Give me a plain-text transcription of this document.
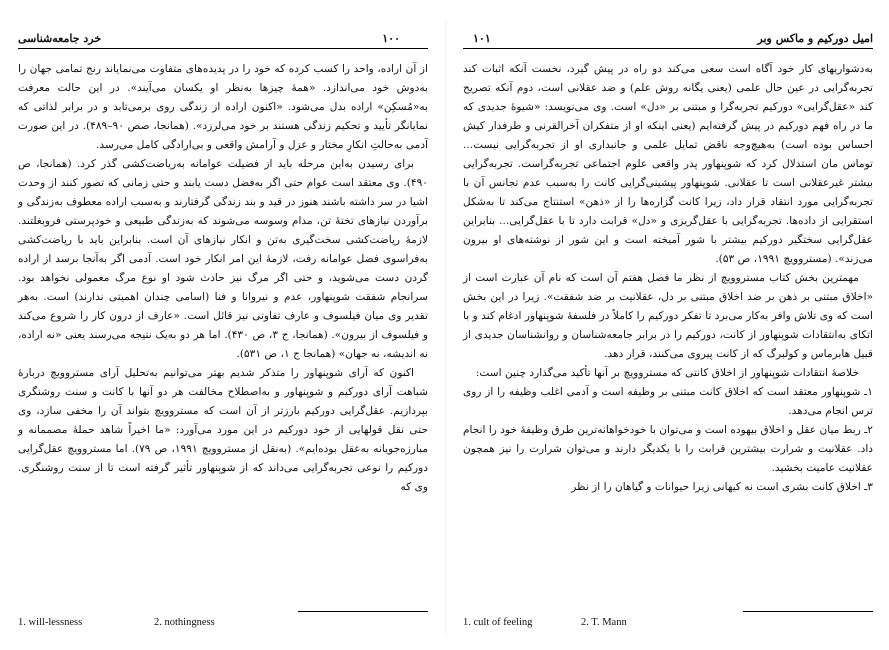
خرد جامعه‌شناسی	۱۰۰

از آن اراده، واحد را کسب کرده که خود را در پدیده‌های متفاوت می‌نمایاند رنج تمامی جهان را به‌دوش خود می‌اندازد. «همهٔ چیزها به‌نظر او یکسان می‌آیند». در این حالت معرفت به‌«مُسکِن» اراده بدل می‌شود. «اکنون اراده از زندگی روی برمی‌تابد و در برابر لذاتی که نمایانگر تأیید و تحکیم زندگی هستند بر خود می‌لرزد». (همانجا، صص ۹۰–۴۸۹). در این صورت آدمی به‌حالتِ انکارِ مختار و عزل و آرامش واقعی و بی‌ارادگی کامل می‌رسد.

برای رسیدن به‌این مرحله باید از فضیلت عوامانه به‌ریاضت‌کشی گذر کرد. (همانجا، ص ۴۹۰). وی معتقد است عوام حتی اگر به‌فضل دست یابند و حتی زمانی که تصور کنند از وحدت اشیا در سر داشته باشند هنوز در قید و بند زندگی گرفتارند و به‌سبب اراده معطوف به‌زندگی و برآوردن نیازهای تختهٔ تن، مدام وسوسه می‌شوند که به‌زندگی طبیعی و خودپرستی فروبغلتند. لازمهٔ ریاضت‌کشی سخت‌گیری به‌تن و انکار نیازهای آن است. بنابراین باید با ریاضت‌کشی به‌فراسوی فضل عوامانه رفت، لازمهٔ این امر انکار خود است. آدمی اگر به‌آنجا برسد از اراده گردن دست می‌شوید، و حتی اگر مرگ نیز حادث شود او نوع مرگ معمولی نخواهد بود. سرانجام شفقت شوپنهاور، عدم و نیروانا و فنا (اسامی چندان اهمیتی ندارند) است. به‌هر تقدیر وی میان فیلسوف و عارف تفاوتی نیز قائل است. «عارف از درون کار را شروع می‌کند و فیلسوف از بیرون». (همانجا، ج ۳، ص ۴۳۰). اما هر دو به‌یک نتیجه می‌رسند یعنی «نه اراده، نه اندیشه، نه جهان» (همانجا ج ۱، ص ۵۳۱).

اکنون که آرای شوپنهاور را متذکر شدیم بهتر می‌توانیم به‌تحلیل آرای مستروویچ دربارهٔ شباهت آرای دورکیم و شوپنهاور و به‌اصطلاح مخالفت هر دو آنها با کانت و سنت روشنگری بپردازیم. عقل‌گرایی دورکیم بارزتر از آن است که مستروویچ بتواند آن را مخفی سازد، وی حتی نقل قولهایی از خود دورکیم در این مورد می‌آورد: «ما اخیراً شاهد حملهٔ مصممانه و مبارزه‌جویانه به‌عقل بوده‌ایم». (به‌نقل از مستروویچ ۱۹۹۱، ص ۷۹). اما مستروویچ عقل‌گرایی دورکیم را نوعی تجربه‌گرایی می‌داند که از شوپنهاور تأثیر گرفته است تا از سنت روشنگری. وی که

1. will-lessness	2. nothingness
۱۰۱	امیل دورکیم و ماکس وبر

به‌دشواریهای کار خود آگاه است سعی می‌کند دو راه در پیش گیرد، نخست آنکه اثبات کند تجربه‌گرایی در عین حال علمی (یعنی یگانه روش علم) و ضد عقلانی است، دوم آنکه تصریح کند «عقل‌گرایی» دورکیم تجربه‌گرا و مبتنی بر «دل» است. وی می‌نویسد: «شیوهٔ جدیدی که ما در راه فهم دورکیم در پیش گرفته‌ایم (یعنی اینکه او از متفکران آخرالقرنی و طرفدار کیش احساس بوده است) به‌هیچ‌وجه ناقض تمایل علمی و جانبداری او از تجربه‌گرایی نیست... توماس مان استدلال کرد که شوپنهاور پدر واقعی علوم اجتماعی تجربه‌گراست. تجربه‌گرایی بیشتر غیرعقلانی است تا عقلانی. شوپنهاور پیشینی‌گرایی کانت را به‌سبب عدم تجانس آن با تجربه‌گرایی مورد انتقاد قرار داد، زیرا کانت گزاره‌ها را از «ذهن» استنتاج می‌کند تا به‌شکل استقرایی از داده‌ها. تجربه‌گرایی با عقل‌گریزی و «دل» قرابت دارد تا با عقل‌گرایی... بنابراین عقل‌گرایی سختگیر دورکیم بیشتر با شور آمیخته است و این شور از نوشته‌های او بیرون می‌زند». (مستروویچ ۱۹۹۱، ص ۵۳).

مهمترین بخش کتاب مستروویچ از نظر ما فصل هفتم آن است که نام آن عبارت است از «اخلاق مبتنی بر ذهن بر ضد اخلاق مبتنی بر دل، عقلانیت بر ضد شفقت». زیرا در این بخش است که وی تلاش وافر به‌کار می‌برد تا تفکر دورکیم را کاملاً در فلسفهٔ شوپنهاور ادغام کند و با اتکای به‌انتقادات شوپنهاور از کانت، دورکیم را در برابر جامعه‌شناسان و روانشناسان جدیدی از قبیل هابرماس و کولبرگ که از کانت پیروی می‌کنند، قرار دهد.

خلاصهٔ انتقادات شوپنهاور از اخلاق کانتی که مستروویچ بر آنها تأکید می‌گذارد چنین است:

۱ـ شوپنهاور معتقد است که اخلاق کانت مبتنی بر وظیفه است و آدمی اغلب وظیفه را از روی ترس انجام می‌دهد.

۲ـ ربط میان عقل و اخلاق بیهوده است و می‌توان با خودخواهانه‌ترین طرق وظیفهٔ خود را انجام داد. عقلانیت و شرارت بیشترین قرابت را با یکدیگر دارند و می‌توان شرارت را نیز همچون عقلانیت عامیت بخشید.

۳ـ اخلاق کانت بشری است نه کیهانی زیرا حیوانات و گیاهان را از نظر

1. cult of feeling	2. T. Mann
